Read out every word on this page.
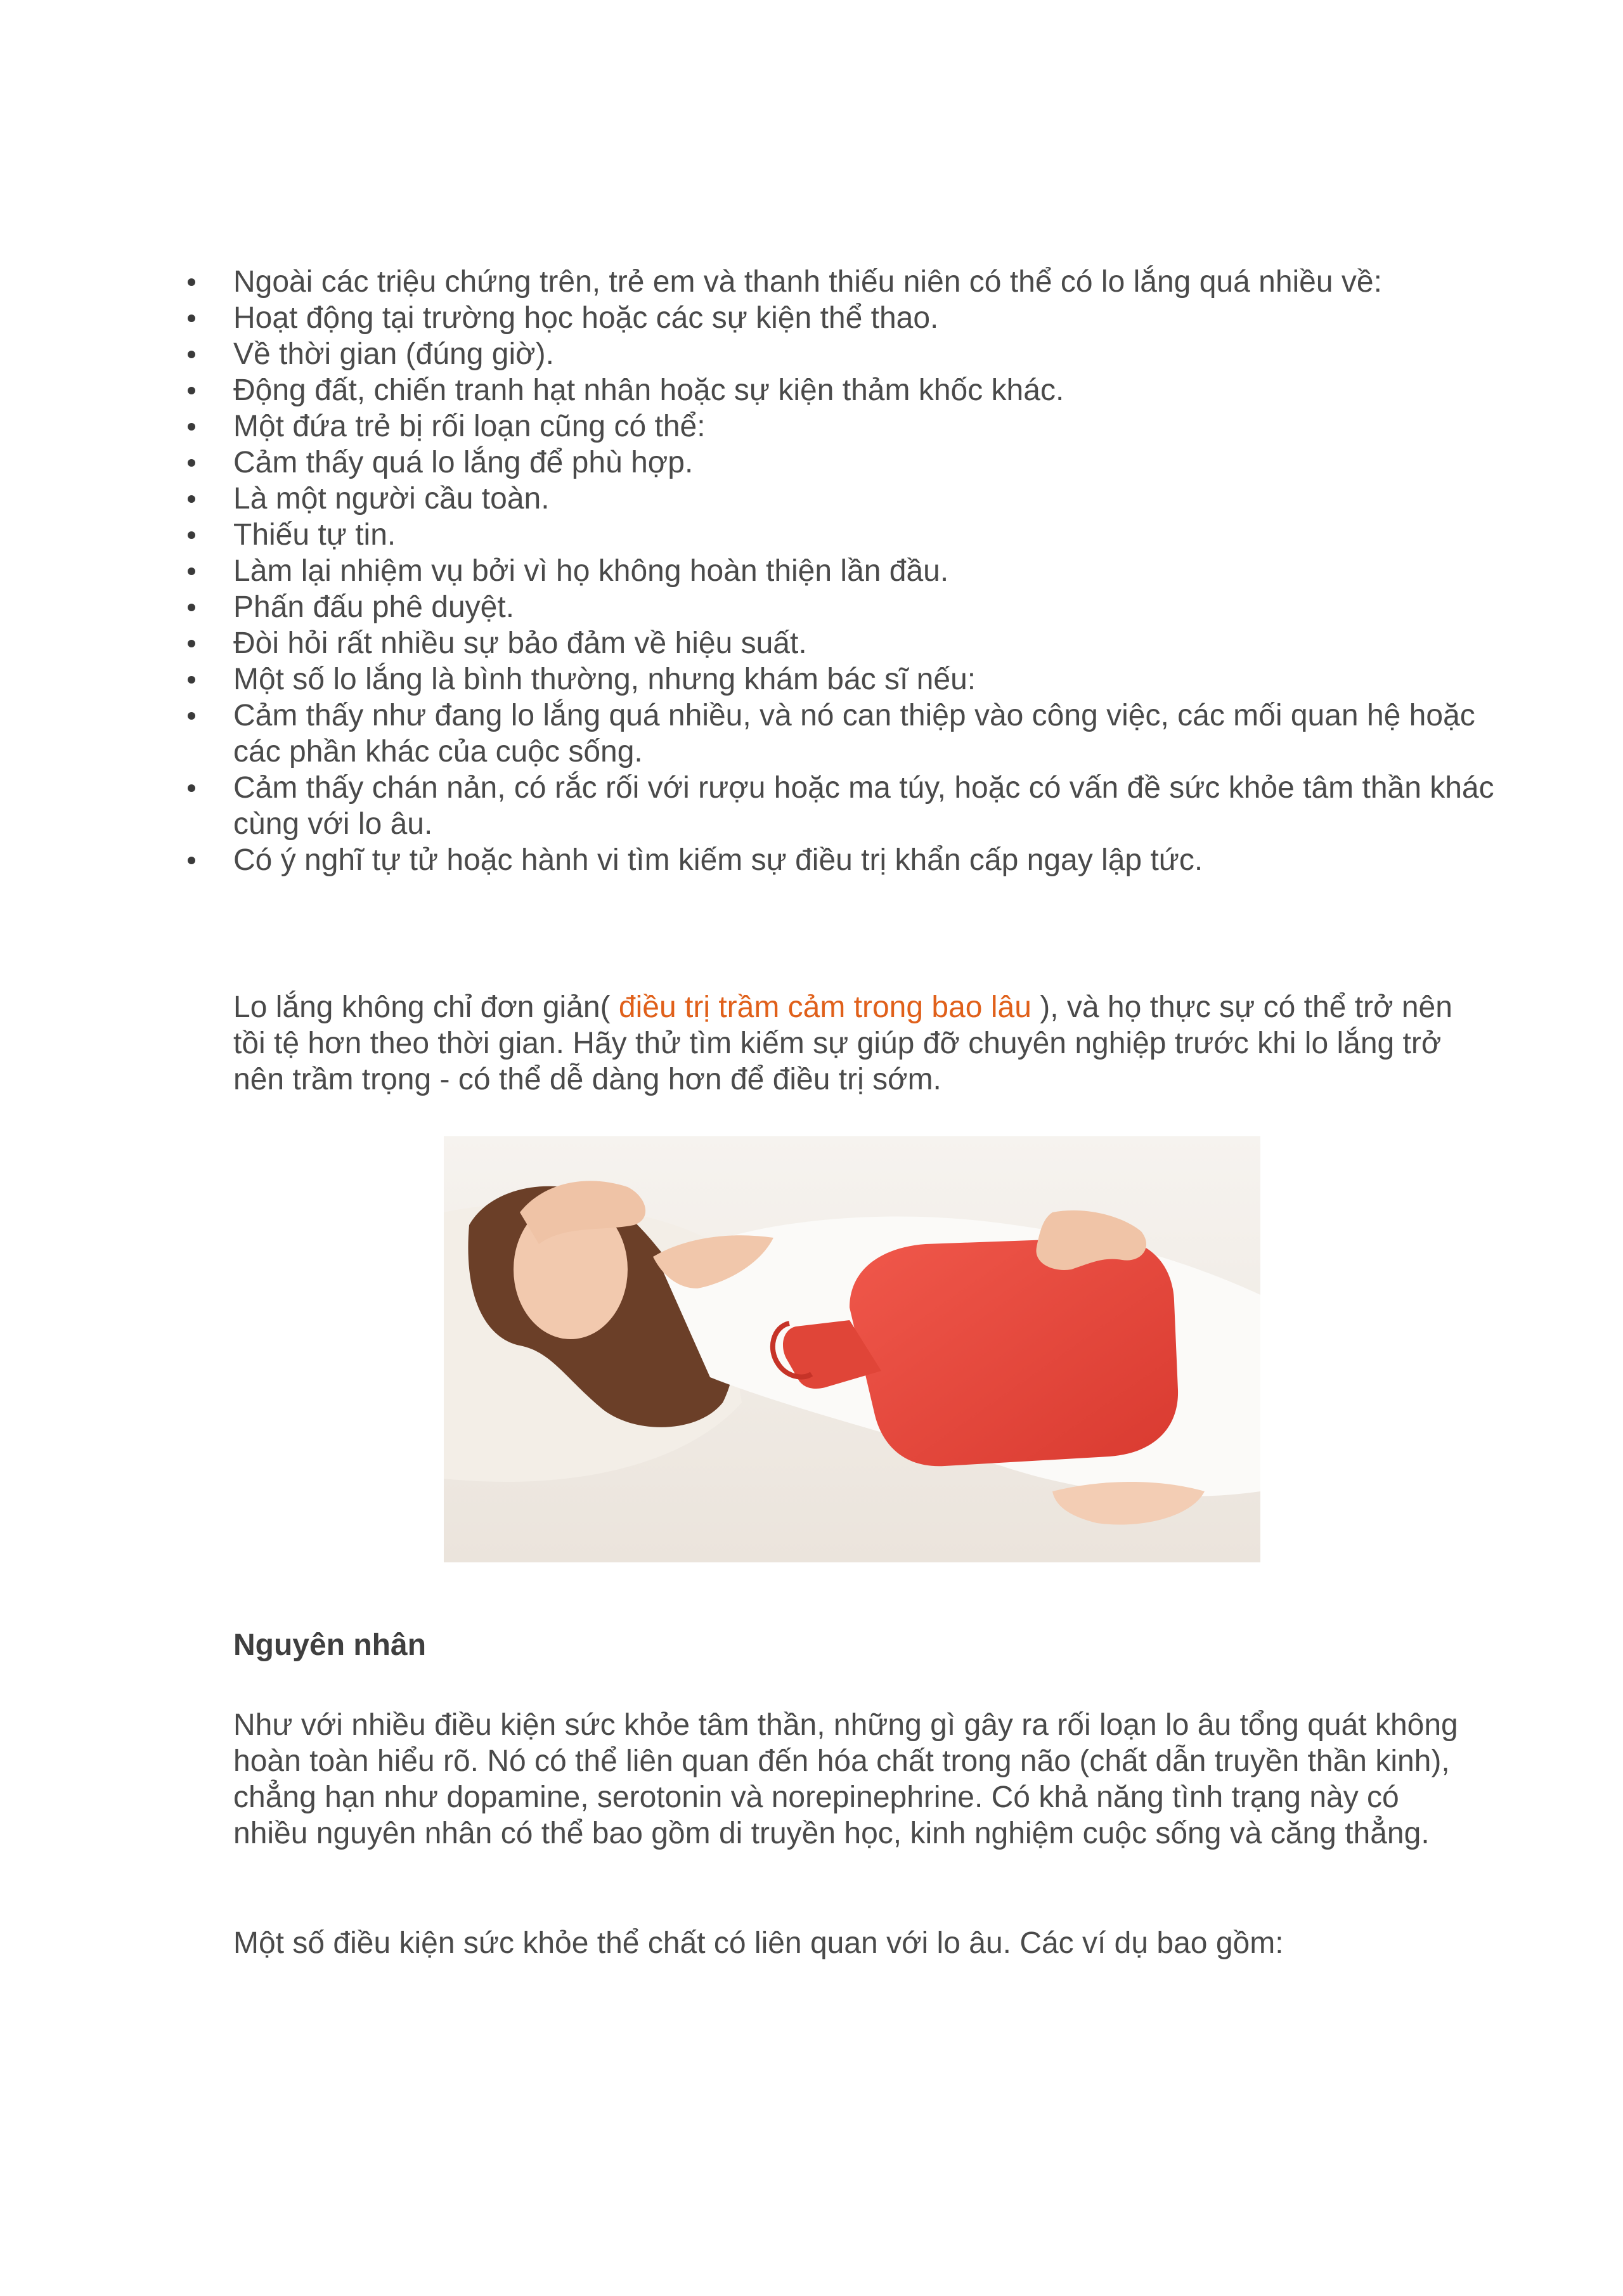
Ngoài các triệu chứng trên, trẻ em và thanh thiếu niên có thể có lo lắng quá nhiều về:
Hoạt động tại trường học hoặc các sự kiện thể thao.
Về thời gian (đúng giờ).
Động đất, chiến tranh hạt nhân hoặc sự kiện thảm khốc khác.
Một đứa trẻ bị rối loạn cũng có thể:
Cảm thấy quá lo lắng để phù hợp.
Là một người cầu toàn.
Thiếu tự tin.
Làm lại nhiệm vụ bởi vì họ không hoàn thiện lần đầu.
Phấn đấu phê duyệt.
Đòi hỏi rất nhiều sự bảo đảm về hiệu suất.
Một số lo lắng là bình thường, nhưng khám bác sĩ nếu:
Cảm thấy như đang lo lắng quá nhiều, và nó can thiệp vào công việc, các mối quan hệ hoặc các phần khác của cuộc sống.
Cảm thấy chán nản, có rắc rối với rượu hoặc ma túy, hoặc có vấn đề sức khỏe tâm thần khác cùng với lo âu.
Có ý nghĩ tự tử hoặc hành vi tìm kiếm sự điều trị khẩn cấp ngay lập tức.

Lo lắng không chỉ đơn giản( điều trị trầm cảm trong bao lâu ), và họ thực sự có thể trở nên tồi tệ hơn theo thời gian. Hãy thử tìm kiếm sự giúp đỡ chuyên nghiệp trước khi lo lắng trở nên trầm trọng - có thể dễ dàng hơn để điều trị sớm.

Nguyên nhân

Như với nhiều điều kiện sức khỏe tâm thần, những gì gây ra rối loạn lo âu tổng quát không hoàn toàn hiểu rõ. Nó có thể liên quan đến hóa chất trong não (chất dẫn truyền thần kinh), chẳng hạn như dopamine, serotonin và norepinephrine. Có khả năng tình trạng này có nhiều nguyên nhân có thể bao gồm di truyền học, kinh nghiệm cuộc sống và căng thẳng.

Một số điều kiện sức khỏe thể chất có liên quan với lo âu. Các ví dụ bao gồm:
